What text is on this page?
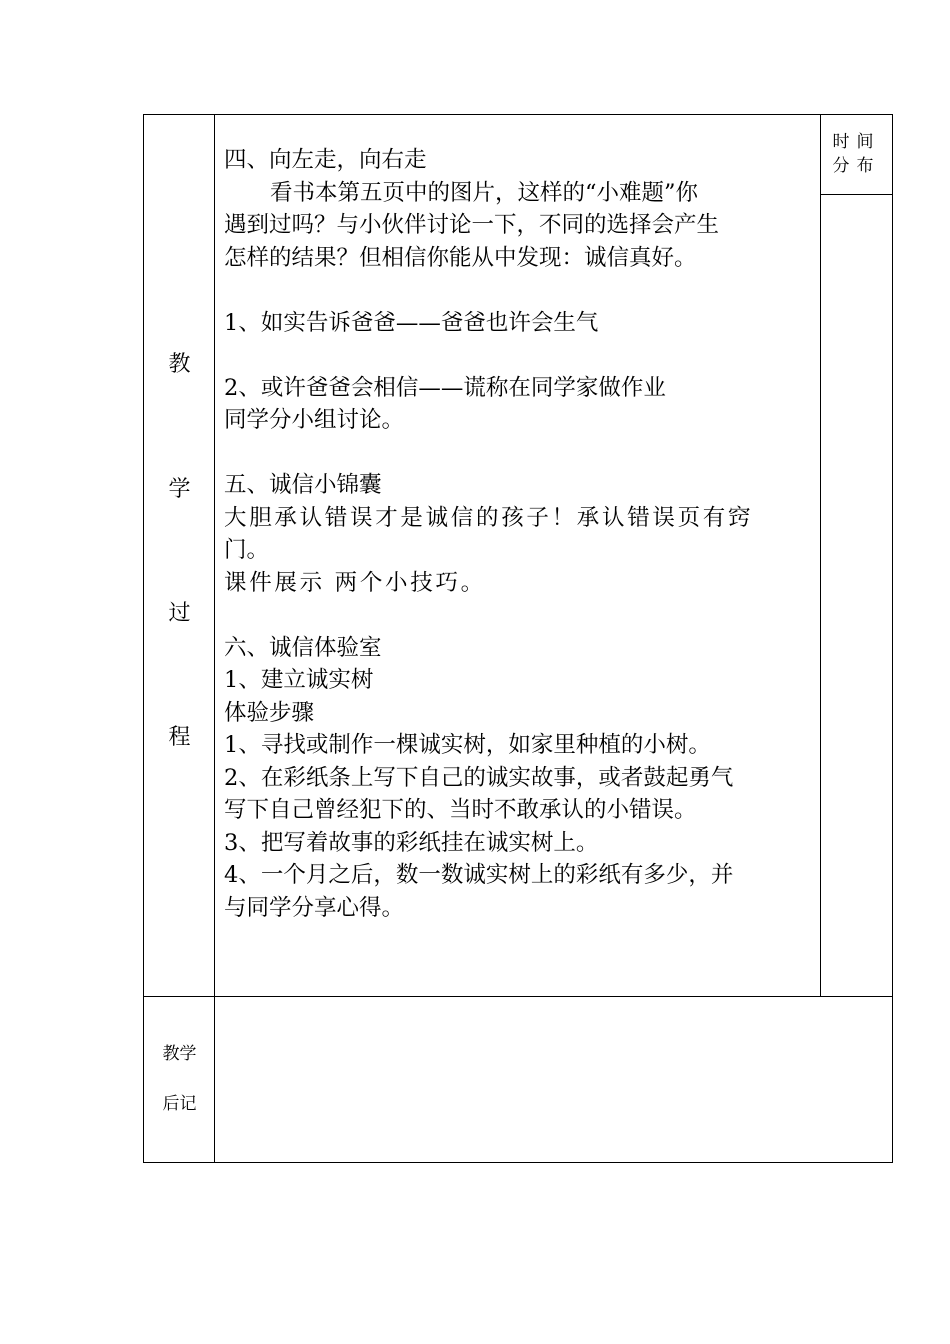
教
学
过
程
时间
分布

四、向左走，向右走

看书本第五页中的图片，这样的“小难题”你

遇到过吗？与小伙伴讨论一下，不同的选择会产生

怎样的结果？但相信你能从中发现：诚信真好。

1、如实告诉爸爸——爸爸也许会生气

2、或许爸爸会相信——谎称在同学家做作业

同学分小组讨论。

五、诚信小锦囊

大胆承认错误才是诚信的孩子！承认错误页有窍

门。

课件展示 两个小技巧。

六、诚信体验室

1、建立诚实树

体验步骤

1、寻找或制作一棵诚实树，如家里种植的小树。

2、在彩纸条上写下自己的诚实故事，或者鼓起勇气

写下自己曾经犯下的、当时不敢承认的小错误。

3、把写着故事的彩纸挂在诚实树上。

4、一个月之后，数一数诚实树上的彩纸有多少，并

与同学分享心得。

教学
后记
